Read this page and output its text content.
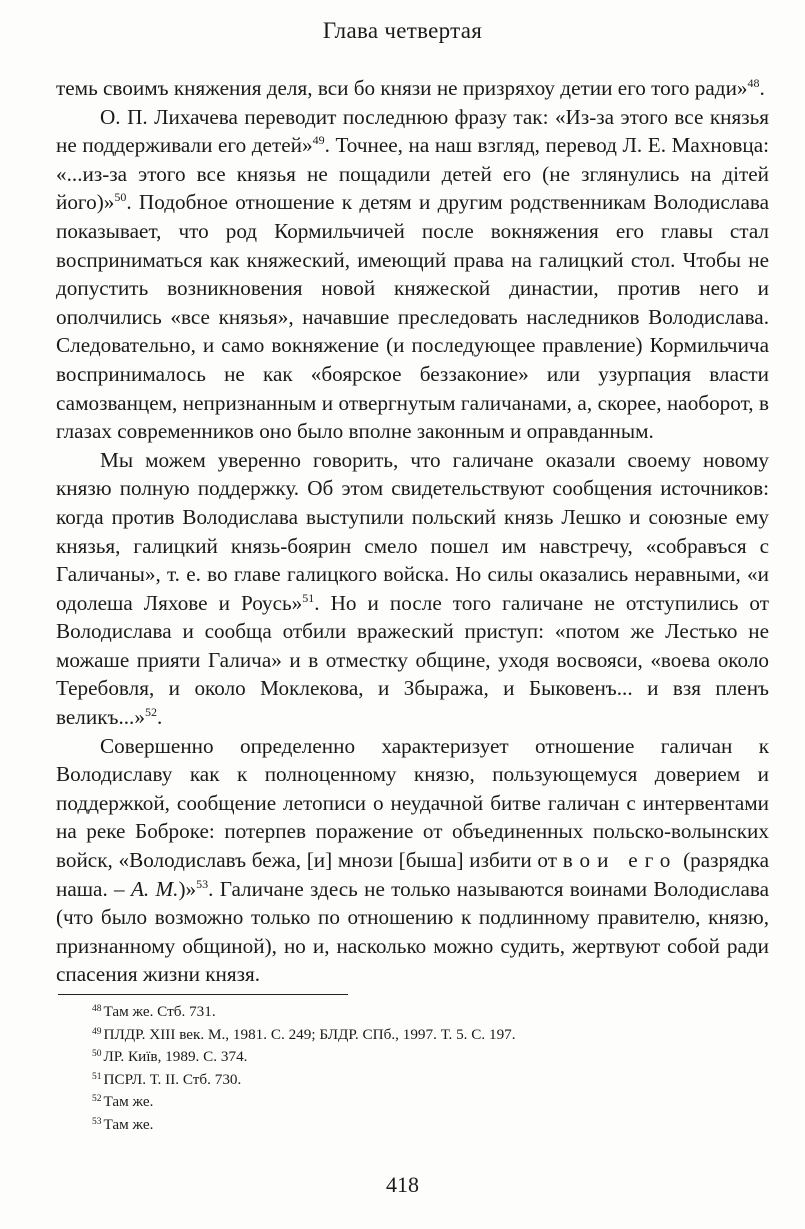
Глава четвертая

темь своимъ княжения деля, вси бо князи не призряхоу детии его того ради»$^{48}$.

О. П. Лихачева переводит последнюю фразу так: «Из-за этого все князья не поддерживали его детей»$^{49}$. Точнее, на наш взгляд, перевод Л. Е. Махновца: «...из-за этого все князья не пощадили детей его (не зглянулись на дітей його)»$^{50}$. Подобное отношение к детям и другим родственникам Володислава показывает, что род Кормильчичей после вокняжения его главы стал восприниматься как княжеский, имеющий права на галицкий стол. Чтобы не допустить возникновения новой княжеской династии, против него и ополчились «все князья», начавшие преследовать наследников Володислава. Следовательно, и само вокняжение (и последующее правление) Кормильчича воспринималось не как «боярское беззаконие» или узурпация власти самозванцем, непризнанным и отвергнутым галичанами, а, скорее, наоборот, в глазах современников оно было вполне законным и оправданным.

Мы можем уверенно говорить, что галичане оказали своему новому князю полную поддержку. Об этом свидетельствуют сообщения источников: когда против Володислава выступили польский князь Лешко и союзные ему князья, галицкий князь-боярин смело пошел им навстречу, «собравъся с Галичаны», т. е. во главе галицкого войска. Но силы оказались неравными, «и одолеша Ляхове и Роусь»$^{51}$. Но и после того галичане не отступились от Володислава и сообща отбили вражеский приступ: «потом же Лестько не можаше прияти Галича» и в отместку общине, уходя восвояси, «воева около Теребовля, и около Моклекова, и Збыража, и Быковенъ... и взя пленъ великъ...»$^{52}$.

Совершенно определенно характеризует отношение галичан к Володиславу как к полноценному князю, пользующемуся доверием и поддержкой, сообщение летописи о неудачной битве галичан с интервентами на реке Боброке: потерпев поражение от объединенных польско-волынских войск, «Володиславъ бежа, [и] мнози [быша] избити от вои его (разрядка наша. – А. М.)»$^{53}$. Галичане здесь не только называются воинами Володислава (что было возможно только по отношению к подлинному правителю, князю, признанному общиной), но и, насколько можно судить, жертвуют собой ради спасения жизни князя.

$^{48}$ Там же. Стб. 731.
$^{49}$ ПЛДР. XIII век. М., 1981. С. 249; БЛДР. СПб., 1997. Т. 5. С. 197.
$^{50}$ ЛР. Київ, 1989. С. 374.
$^{51}$ ПСРЛ. Т. II. Стб. 730.
$^{52}$ Там же.
$^{53}$ Там же.
418
